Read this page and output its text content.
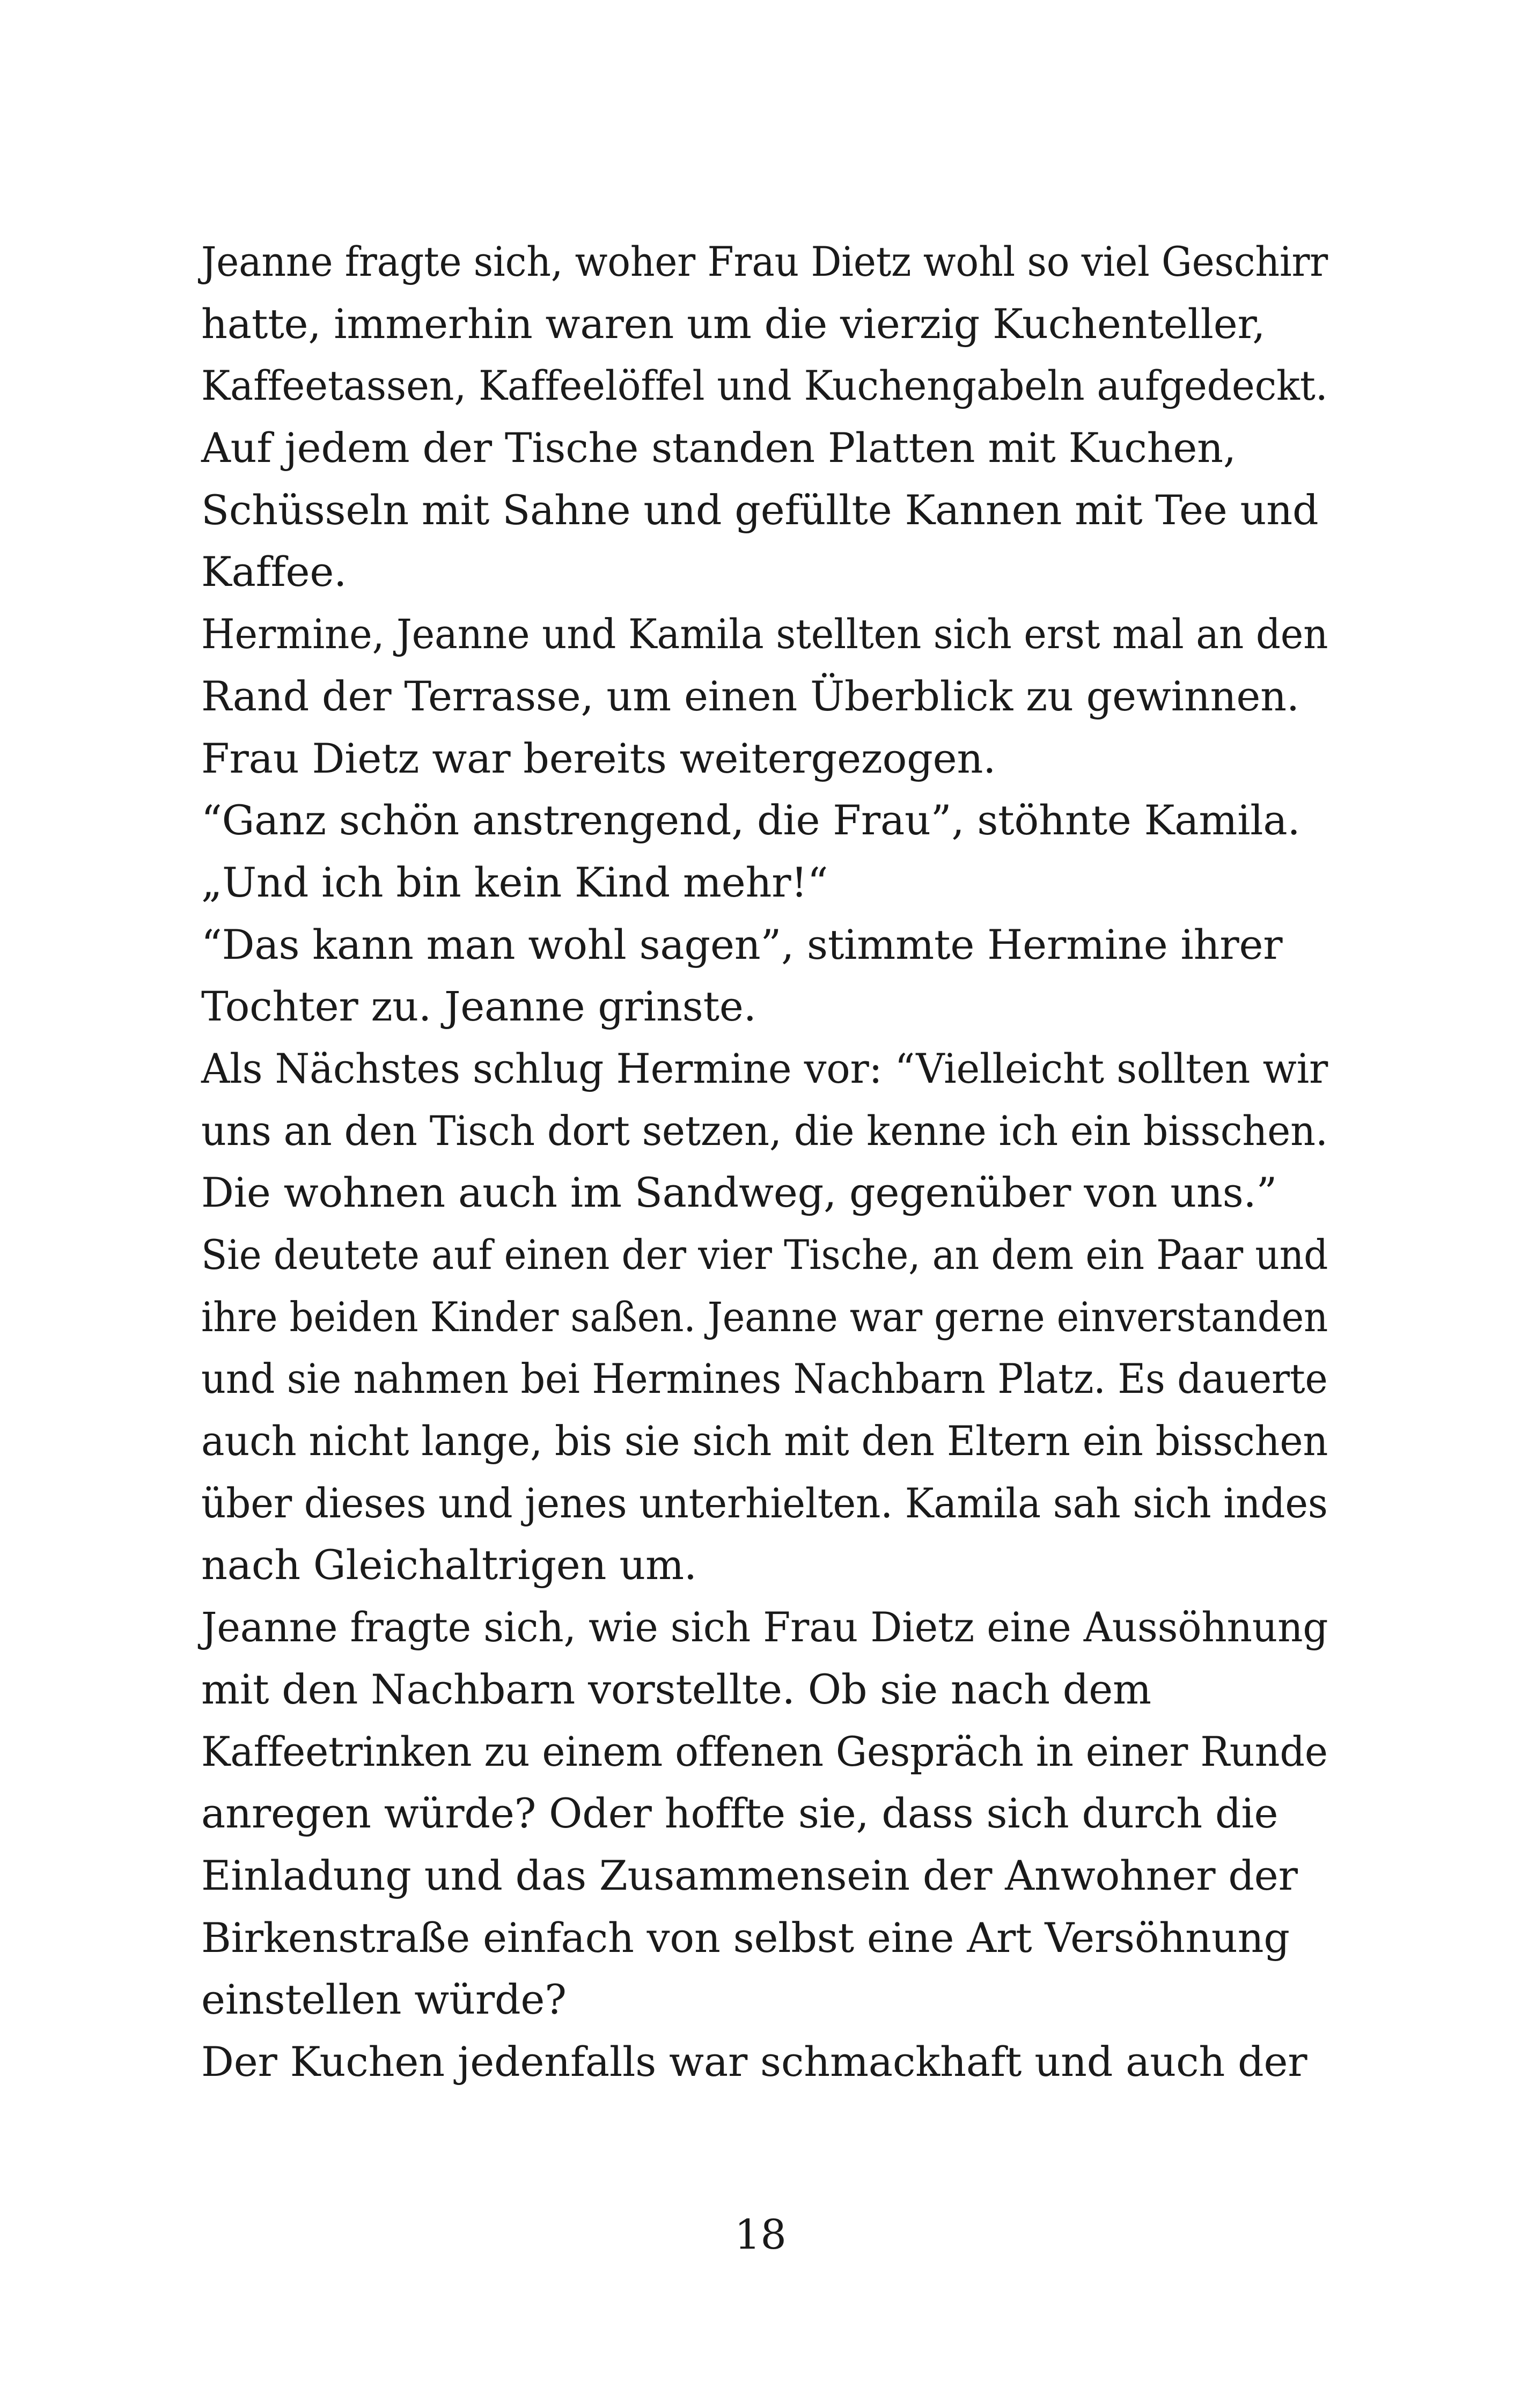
Jeanne fragte sich, woher Frau Dietz wohl so viel Geschirr
hatte, immerhin waren um die vierzig Kuchenteller,
Kaffeetassen, Kaffeelöffel und Kuchengabeln aufgedeckt.
Auf jedem der Tische standen Platten mit Kuchen,
Schüsseln mit Sahne und gefüllte Kannen mit Tee und
Kaffee.
Hermine, Jeanne und Kamila stellten sich erst mal an den
Rand der Terrasse, um einen Überblick zu gewinnen.
Frau Dietz war bereits weitergezogen.
“Ganz schön anstrengend, die Frau”, stöhnte Kamila.
„Und ich bin kein Kind mehr!“
“Das kann man wohl sagen”, stimmte Hermine ihrer
Tochter zu. Jeanne grinste.
Als Nächstes schlug Hermine vor: “Vielleicht sollten wir
uns an den Tisch dort setzen, die kenne ich ein bisschen.
Die wohnen auch im Sandweg, gegenüber von uns.”
Sie deutete auf einen der vier Tische, an dem ein Paar und
ihre beiden Kinder saßen. Jeanne war gerne einverstanden
und sie nahmen bei Hermines Nachbarn Platz. Es dauerte
auch nicht lange, bis sie sich mit den Eltern ein bisschen
über dieses und jenes unterhielten. Kamila sah sich indes
nach Gleichaltrigen um.
Jeanne fragte sich, wie sich Frau Dietz eine Aussöhnung
mit den Nachbarn vorstellte. Ob sie nach dem
Kaffeetrinken zu einem offenen Gespräch in einer Runde
anregen würde? Oder hoffte sie, dass sich durch die
Einladung und das Zusammensein der Anwohner der
Birkenstraße einfach von selbst eine Art Versöhnung
einstellen würde?
Der Kuchen jedenfalls war schmackhaft und auch der
18
